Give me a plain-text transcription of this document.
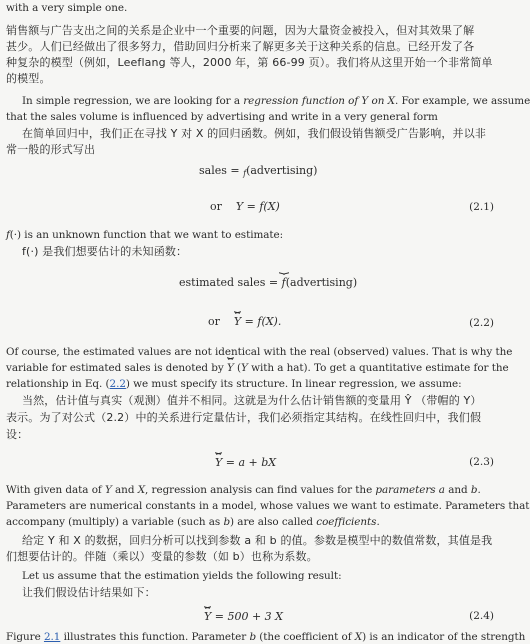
with a very simple one.
销售额与广告支出之间的关系是企业中一个重要的问题，因为大量资金被投入，但对其效果了解
甚少。人们已经做出了很多努力，借助回归分析来了解更多关于这种关系的信息。已经开发了各
种复杂的模型（例如，Leeflang 等人，2000 年，第 66-99 页）。我们将从这里开始一个非常简单
的模型。
In simple regression, we are looking for a regression function of Y on X. For example, we assume
that the sales volume is influenced by advertising and write in a very general form
在简单回归中，我们正在寻找 Y 对 X 的回归函数。例如，我们假设销售额受广告影响，并以非
常一般的形式写出
sales = f(advertising)
or Y = f(X)	(2.1)
f(·) is an unknown function that we want to estimate:
f(·) 是我们想要估计的未知函数：
estimated sales = f(advertising)
or Y = f(X).	(2.2)
Of course, the estimated values are not identical with the real (observed) values. That is why the
variable for estimated sales is denoted by Y (Y with a hat). To get a quantitative estimate for the
relationship in Eq. (2.2) we must specify its structure. In linear regression, we assume:
当然，估计值与真实（观测）值并不相同。这就是为什么估计销售额的变量用 Ŷ （带帽的 Y）
表示。为了对公式（2.2）中的关系进行定量估计，我们必须指定其结构。在线性回归中，我们假
设：
Y = a + bX	(2.3)
With given data of Y and X, regression analysis can find values for the parameters a and b.
Parameters are numerical constants in a model, whose values we want to estimate. Parameters that
accompany (multiply) a variable (such as b) are also called coefficients.
给定 Y 和 X 的数据，回归分析可以找到参数 a 和 b 的值。参数是模型中的数值常数，其值是我
们想要估计的。伴随（乘以）变量的参数（如 b）也称为系数。
Let us assume that the estimation yields the following result:
让我们假设估计结果如下：
Y = 500 + 3 X	(2.4)
Figure 2.1 illustrates this function. Parameter b (the coefficient of X) is an indicator of the strength
